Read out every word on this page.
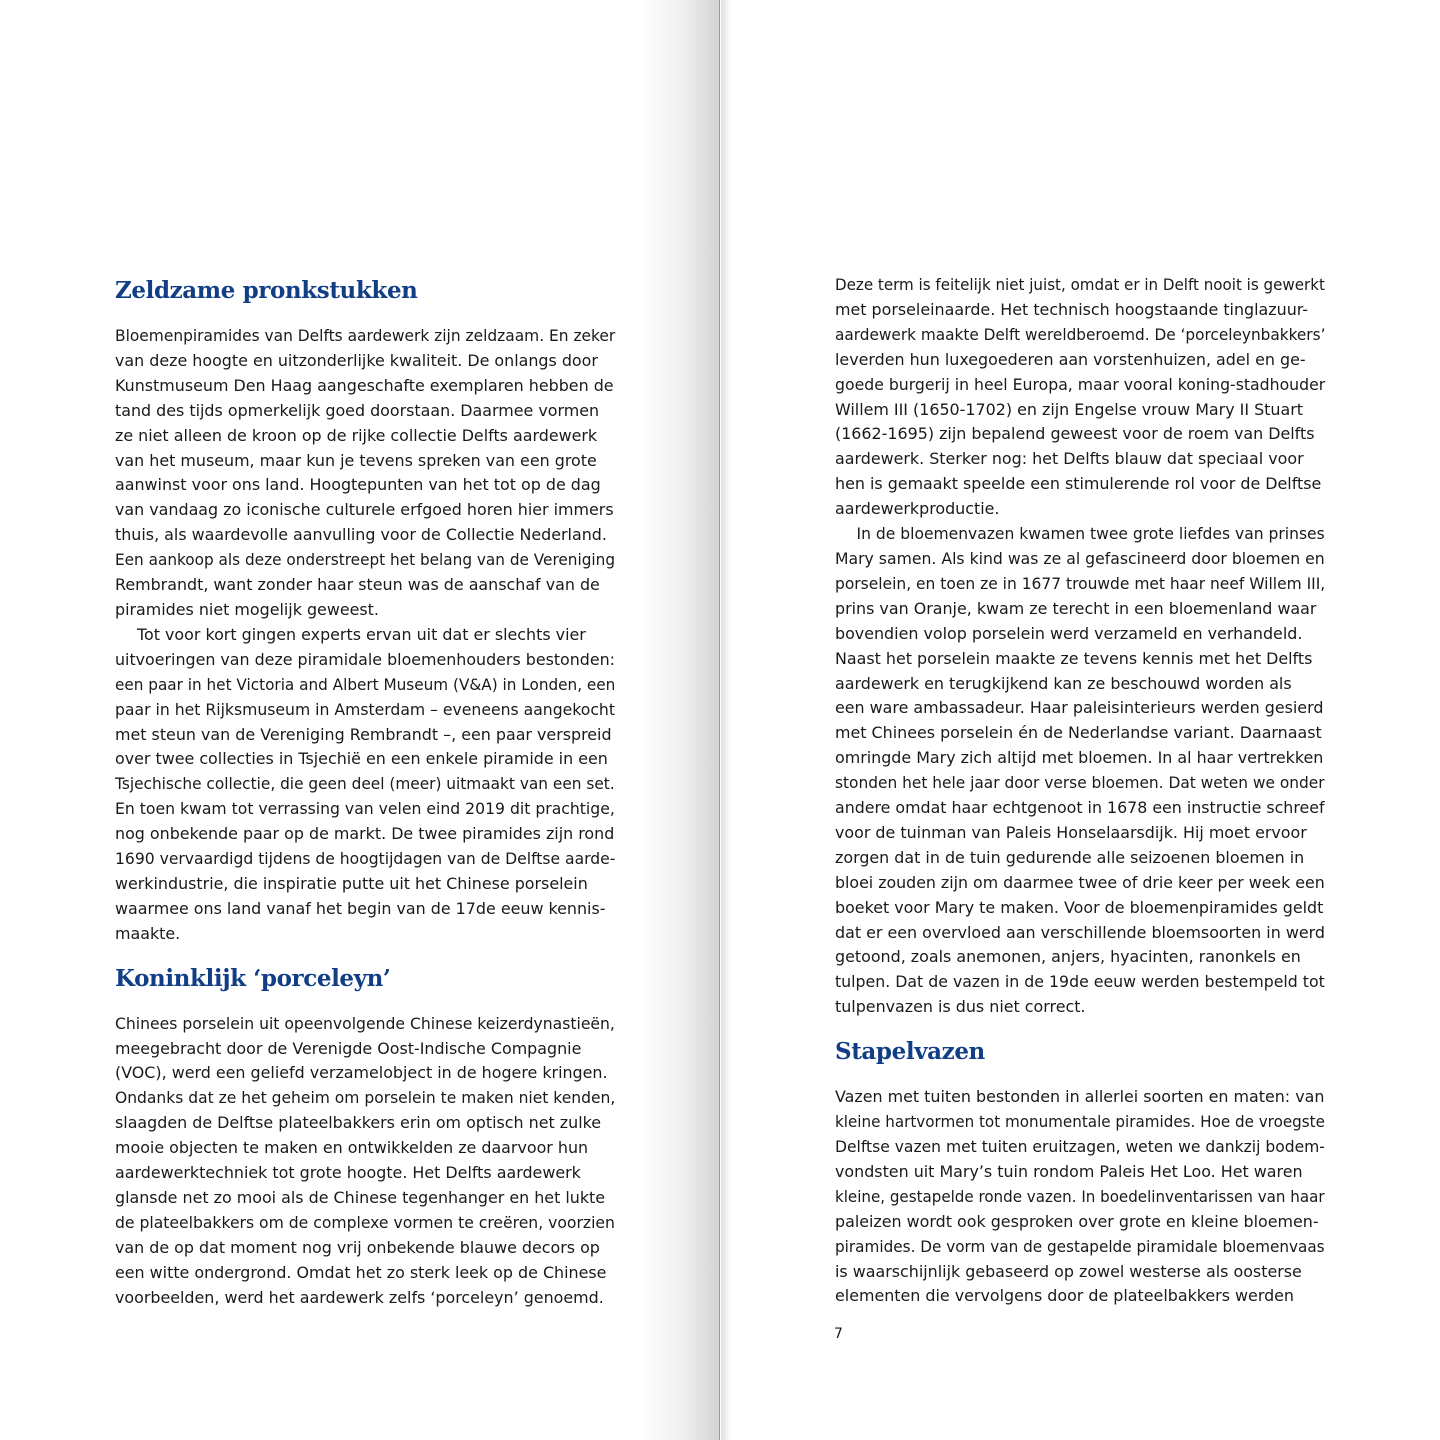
Zeldzame pronkstukken
Bloemenpiramides van Delfts aardewerk zijn zeldzaam. En zeker
van deze hoogte en uitzonderlijke kwaliteit. De onlangs door
Kunstmuseum Den Haag aangeschafte exemplaren hebben de
tand des tijds opmerkelijk goed doorstaan. Daarmee vormen
ze niet alleen de kroon op de rijke collectie Delfts aardewerk
van het museum, maar kun je tevens spreken van een grote
aanwinst voor ons land. Hoogtepunten van het tot op de dag
van vandaag zo iconische culturele erfgoed horen hier immers
thuis, als waardevolle aanvulling voor de Collectie Nederland.
Een aankoop als deze onderstreept het belang van de Vereniging
Rembrandt, want zonder haar steun was de aanschaf van de
piramides niet mogelijk geweest.
Tot voor kort gingen experts ervan uit dat er slechts vier
uitvoeringen van deze piramidale bloemenhouders bestonden:
een paar in het Victoria and Albert Museum (V&A) in Londen, een
paar in het Rijksmuseum in Amsterdam – eveneens aangekocht
met steun van de Vereniging Rembrandt –, een paar verspreid
over twee collecties in Tsjechië en een enkele piramide in een
Tsjechische collectie, die geen deel (meer) uitmaakt van een set.
En toen kwam tot verrassing van velen eind 2019 dit prachtige,
nog onbekende paar op de markt. De twee piramides zijn rond
1690 vervaardigd tijdens de hoogtijdagen van de Delftse aarde-
werkindustrie, die inspiratie putte uit het Chinese porselein
waarmee ons land vanaf het begin van de 17de eeuw kennis-
maakte.
Koninklijk ‘porceleyn’
Chinees porselein uit opeenvolgende Chinese keizerdynastieën,
meegebracht door de Verenigde Oost-Indische Compagnie
(VOC), werd een geliefd verzamelobject in de hogere kringen.
Ondanks dat ze het geheim om porselein te maken niet kenden,
slaagden de Delftse plateelbakkers erin om optisch net zulke
mooie objecten te maken en ontwikkelden ze daarvoor hun
aardewerktechniek tot grote hoogte. Het Delfts aardewerk
glansde net zo mooi als de Chinese tegenhanger en het lukte
de plateelbakkers om de complexe vormen te creëren, voorzien
van de op dat moment nog vrij onbekende blauwe decors op
een witte ondergrond. Omdat het zo sterk leek op de Chinese
voorbeelden, werd het aardewerk zelfs ‘porceleyn’ genoemd.
Deze term is feitelijk niet juist, omdat er in Delft nooit is gewerkt
met porseleinaarde. Het technisch hoogstaande tinglazuur-
aardewerk maakte Delft wereldberoemd. De ‘porceleynbakkers’
leverden hun luxegoederen aan vorstenhuizen, adel en ge-
goede burgerij in heel Europa, maar vooral koning-stadhouder
Willem III (1650-1702) en zijn Engelse vrouw Mary II Stuart
(1662-1695) zijn bepalend geweest voor de roem van Delfts
aardewerk. Sterker nog: het Delfts blauw dat speciaal voor
hen is gemaakt speelde een stimulerende rol voor de Delftse
aardewerkproductie.
In de bloemenvazen kwamen twee grote liefdes van prinses
Mary samen. Als kind was ze al gefascineerd door bloemen en
porselein, en toen ze in 1677 trouwde met haar neef Willem III,
prins van Oranje, kwam ze terecht in een bloemenland waar
bovendien volop porselein werd verzameld en verhandeld.
Naast het porselein maakte ze tevens kennis met het Delfts
aardewerk en terugkijkend kan ze beschouwd worden als
een ware ambassadeur. Haar paleisinterieurs werden gesierd
met Chinees porselein én de Nederlandse variant. Daarnaast
omringde Mary zich altijd met bloemen. In al haar vertrekken
stonden het hele jaar door verse bloemen. Dat weten we onder
andere omdat haar echtgenoot in 1678 een instructie schreef
voor de tuinman van Paleis Honselaarsdijk. Hij moet ervoor
zorgen dat in de tuin gedurende alle seizoenen bloemen in
bloei zouden zijn om daarmee twee of drie keer per week een
boeket voor Mary te maken. Voor de bloemenpiramides geldt
dat er een overvloed aan verschillende bloemsoorten in werd
getoond, zoals anemonen, anjers, hyacinten, ranonkels en
tulpen. Dat de vazen in de 19de eeuw werden bestempeld tot
tulpenvazen is dus niet correct.
Stapelvazen
Vazen met tuiten bestonden in allerlei soorten en maten: van
kleine hartvormen tot monumentale piramides. Hoe de vroegste
Delftse vazen met tuiten eruitzagen, weten we dankzij bodem-
vondsten uit Mary’s tuin rondom Paleis Het Loo. Het waren
kleine, gestapelde ronde vazen. In boedelinventarissen van haar
paleizen wordt ook gesproken over grote en kleine bloemen-
piramides. De vorm van de gestapelde piramidale bloemenvaas
is waarschijnlijk gebaseerd op zowel westerse als oosterse
elementen die vervolgens door de plateelbakkers werden
7
